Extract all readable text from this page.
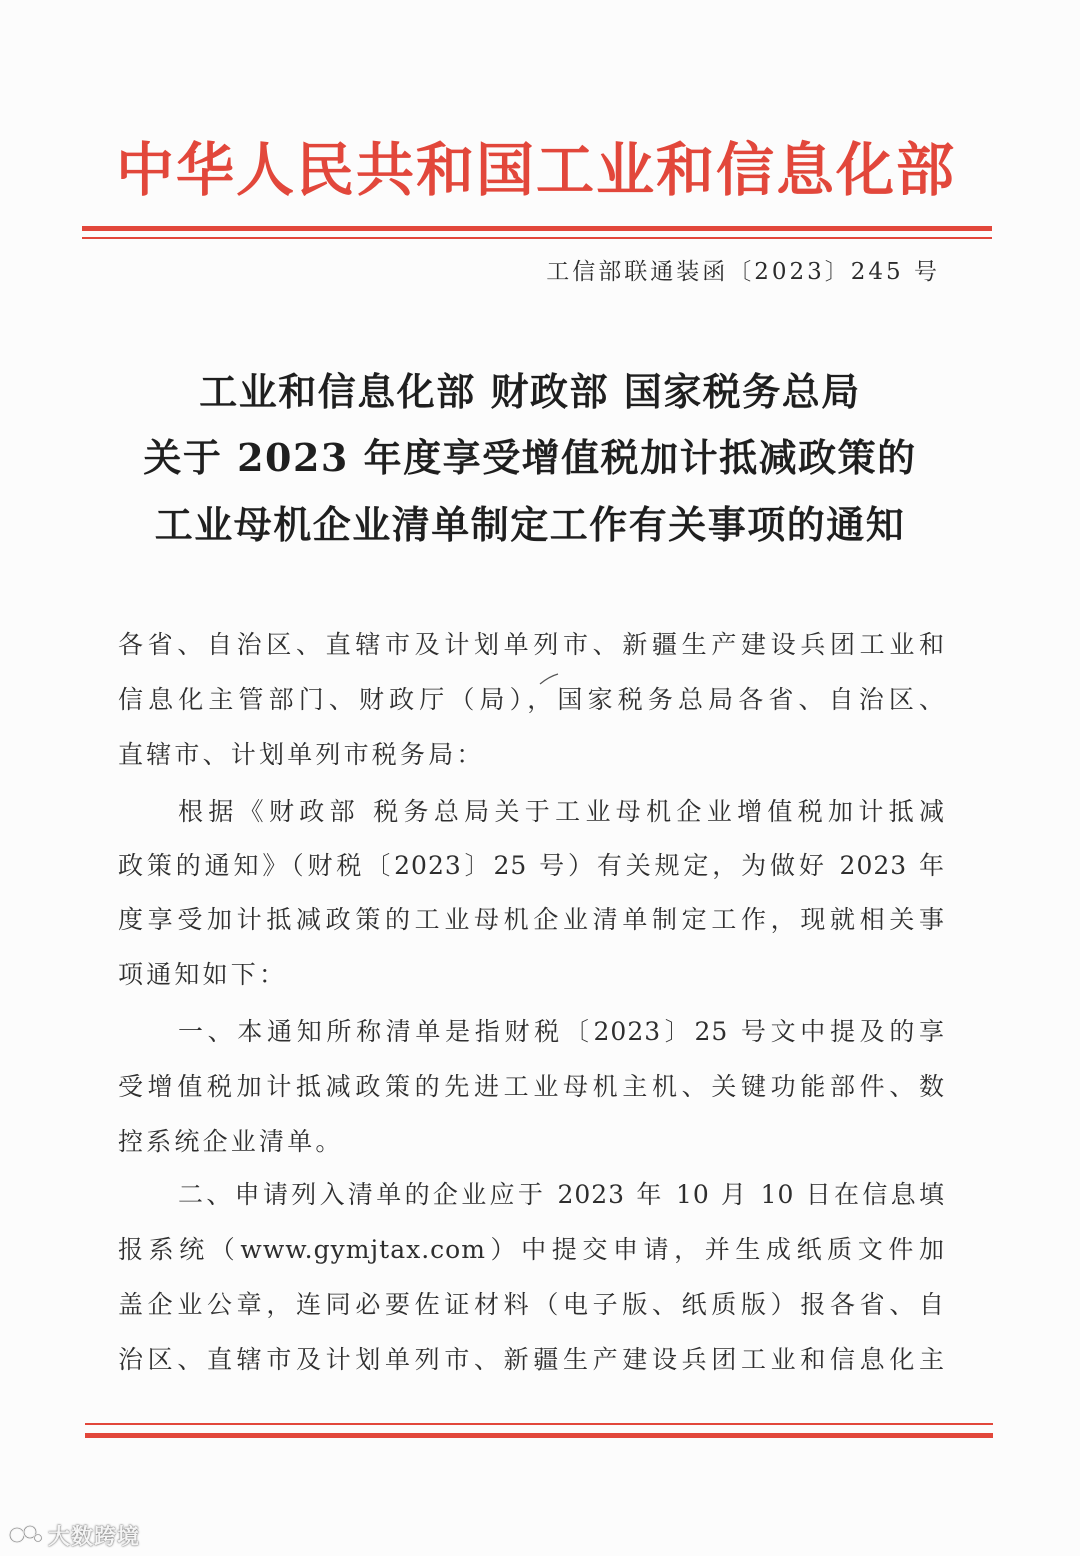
中华人民共和国工业和信息化部
工信部联通装函〔2023〕245 号
工业和信息化部 财政部 国家税务总局
关于 2023 年度享受增值税加计抵减政策的
工业母机企业清单制定工作有关事项的通知
各省、自治区、直辖市及计划单列市、新疆生产建设兵团工业和
信息化主管部门、财政厅（局），国家税务总局各省、自治区、
直辖市、计划单列市税务局：
根据《财政部 税务总局关于工业母机企业增值税加计抵减
政策的通知》（财税〔2023〕25 号）有关规定，为做好 2023 年
度享受加计抵减政策的工业母机企业清单制定工作，现就相关事
项通知如下：
一、本通知所称清单是指财税〔2023〕25 号文中提及的享
受增值税加计抵减政策的先进工业母机主机、关键功能部件、数
控系统企业清单。
二、申请列入清单的企业应于 2023 年 10 月 10 日在信息填
报系统（www.gymjtax.com）中提交申请，并生成纸质文件加
盖企业公章，连同必要佐证材料（电子版、纸质版）报各省、自
治区、直辖市及计划单列市、新疆生产建设兵团工业和信息化主
大数跨境
